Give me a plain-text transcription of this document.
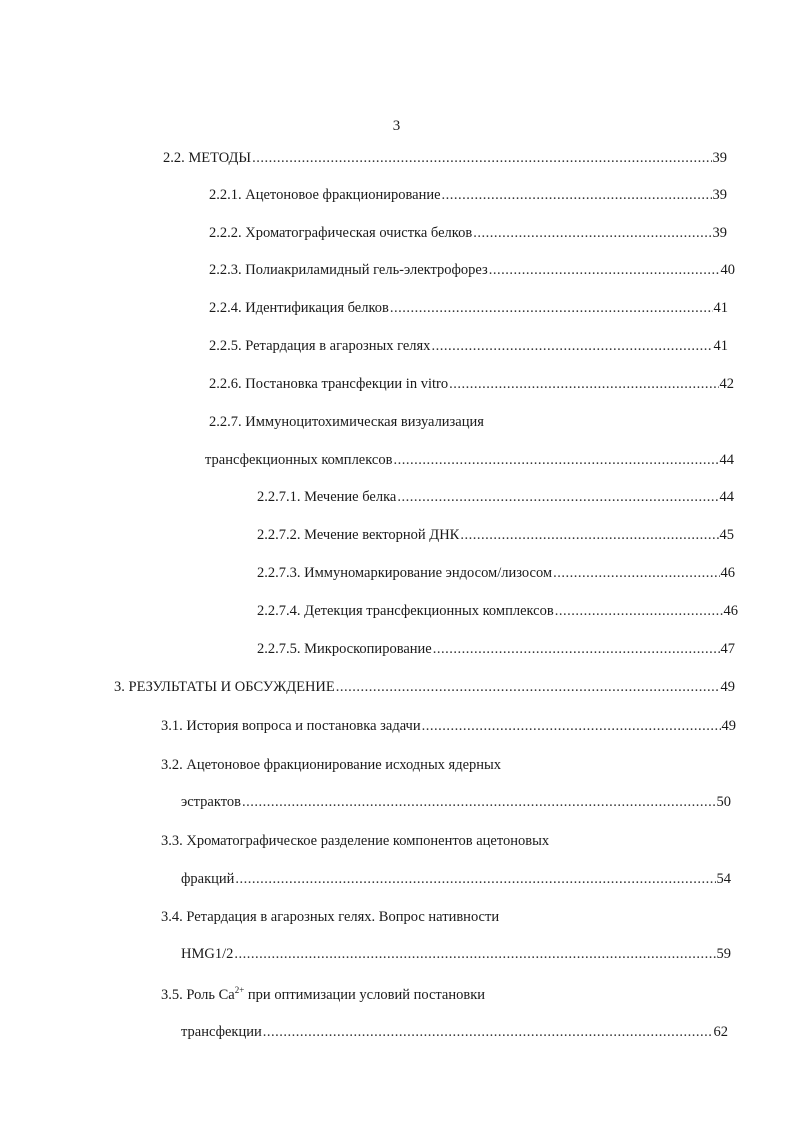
3
2.2. МЕТОДЫ .....	39
2.2.1. Ацетоновое фракционирование .....	39
2.2.2. Хроматографическая очистка белков .....	39
2.2.3. Полиакриламидный гель-электрофорез .....	40
2.2.4. Идентификация белков .....	41
2.2.5. Ретардация в агарозных гелях .....	41
2.2.6. Постановка трансфекции in vitro .....	42
2.2.7. Иммуноцитохимическая визуализация
трансфекционных комплексов .....	44
2.2.7.1. Мечение белка .....	44
2.2.7.2. Мечение векторной ДНК .....	45
2.2.7.3. Иммуномаркирование эндосом/лизосом .....	46
2.2.7.4. Детекция трансфекционных комплексов .....	46
2.2.7.5. Микроскопирование .....	47
3. РЕЗУЛЬТАТЫ И ОБСУЖДЕНИЕ .....	49
3.1. История вопроса и постановка задачи .....	49
3.2. Ацетоновое фракционирование исходных ядерных
эстрактов .....	50
3.3. Хроматографическое разделение компонентов ацетоновых
фракций .....	54
3.4. Ретардация в агарозных гелях. Вопрос нативности
HMG1/2 .....	59
3.5. Роль $Ca^{2+}$ при оптимизации условий постановки
трансфекции .....	62
